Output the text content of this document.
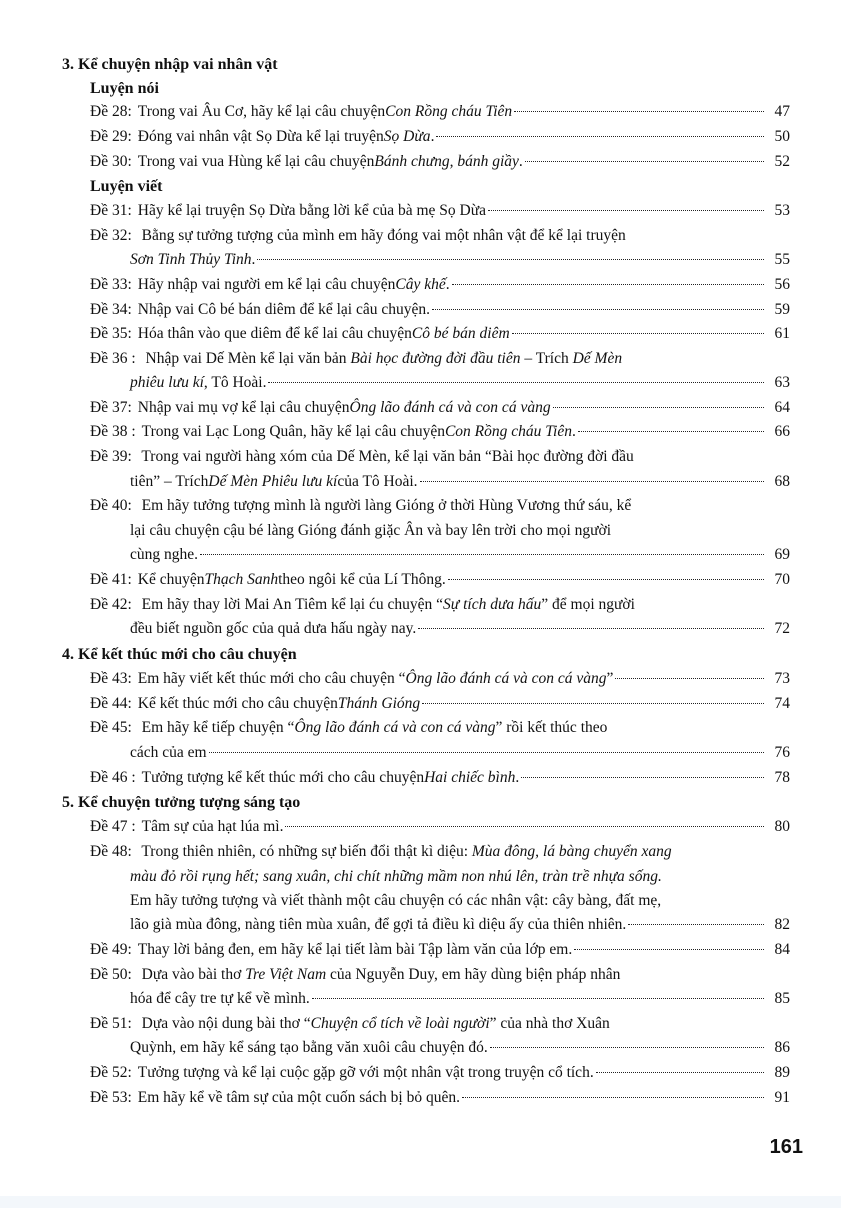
3. Kể chuyện nhập vai nhân vật
Luyện nói
Đề 28: Trong vai Âu Cơ, hãy kể lại câu chuyện Con Rồng cháu Tiên	47
Đề 29: Đóng vai nhân vật Sọ Dừa kể lại truyện Sọ Dừa .	50
Đề 30: Trong vai vua Hùng kể lại câu chuyện Bánh chưng, bánh giầy .	52
Luyện viết
Đề 31: Hãy kể lại truyện Sọ Dừa bằng lời kể của bà mẹ Sọ Dừa	53
Đề 32: Bằng sự tưởng tượng của mình em hãy đóng vai một nhân vật để kể lại truyện
Sơn Tinh Thủy Tinh .	55
Đề 33: Hãy nhập vai người em kể lại câu chuyện Cây khế .	56
Đề 34: Nhập vai Cô bé bán diêm để kể lại câu chuyện.	59
Đề 35: Hóa thân vào que diêm để kể lai câu chuyện Cô bé bán diêm	61
Đề 36 : Nhập vai Dế Mèn kể lại văn bản Bài học đường đời đầu tiên – Trích Dế Mèn
phiêu lưu kí , Tô Hoài.	63
Đề 37: Nhập vai mụ vợ kể lại câu chuyện Ông lão đánh cá và con cá vàng	64
Đề 38 : Trong vai Lạc Long Quân, hãy kể lại câu chuyện Con Rồng cháu Tiên .	66
Đề 39: Trong vai người hàng xóm của Dế Mèn, kể lại văn bản “Bài học đường đời đầu
tiên” – Trích Dế Mèn Phiêu lưu kí của Tô Hoài.	68
Đề 40: Em hãy tưởng tượng mình là người làng Gióng ở thời Hùng Vương thứ sáu, kể
lại câu chuyện cậu bé làng Gióng đánh giặc Ân và bay lên trời cho mọi người
cùng nghe.	69
Đề 41: Kể chuyện Thạch Sanh theo ngôi kể của Lí Thông.	70
Đề 42: Em hãy thay lời Mai An Tiêm kể lại ću chuyện “Sự tích dưa hấu” để mọi người
đều biết nguồn gốc của quả dưa hấu ngày nay.	72
4. Kể kết thúc mới cho câu chuyện
Đề 43: Em hãy viết kết thúc mới cho câu chuyện “ Ông lão đánh cá và con cá vàng ”	73
Đề 44: Kể kết thúc mới cho câu chuyện Thánh Gióng	74
Đề 45: Em hãy kể tiếp chuyện “Ông lão đánh cá và con cá vàng” rồi kết thúc theo
cách của em	76
Đề 46 : Tưởng tượng kể kết thúc mới cho câu chuyện Hai chiếc bình .	78
5. Kể chuyện tưởng tượng sáng tạo
Đề 47 : Tâm sự của hạt lúa mì.	80
Đề 48: Trong thiên nhiên, có những sự biến đổi thật kì diệu: Mùa đông, lá bàng chuyển xang
màu đỏ rồi rụng hết; sang xuân, chi chít những mầm non nhú lên, tràn trề nhựa sống.
Em hãy tưởng tượng và viết thành một câu chuyện có các nhân vật: cây bàng, đất mẹ,
lão già mùa đông, nàng tiên mùa xuân, để gợi tả điều kì diệu ấy của thiên nhiên.	82
Đề 49: Thay lời bảng đen, em hãy kể lại tiết làm bài Tập làm văn của lớp em.	84
Đề 50: Dựa vào bài thơ Tre Việt Nam của Nguyễn Duy, em hãy dùng biện pháp nhân
hóa để cây tre tự kể về mình.	85
Đề 51: Dựa vào nội dung bài thơ “Chuyện cổ tích về loài người” của nhà thơ Xuân
Quỳnh, em hãy kể sáng tạo bằng văn xuôi câu chuyện đó.	86
Đề 52: Tưởng tượng và kể lại cuộc gặp gỡ với một nhân vật trong truyện cổ tích.	89
Đề 53: Em hãy kể về tâm sự của một cuốn sách bị bỏ quên.	91
161
